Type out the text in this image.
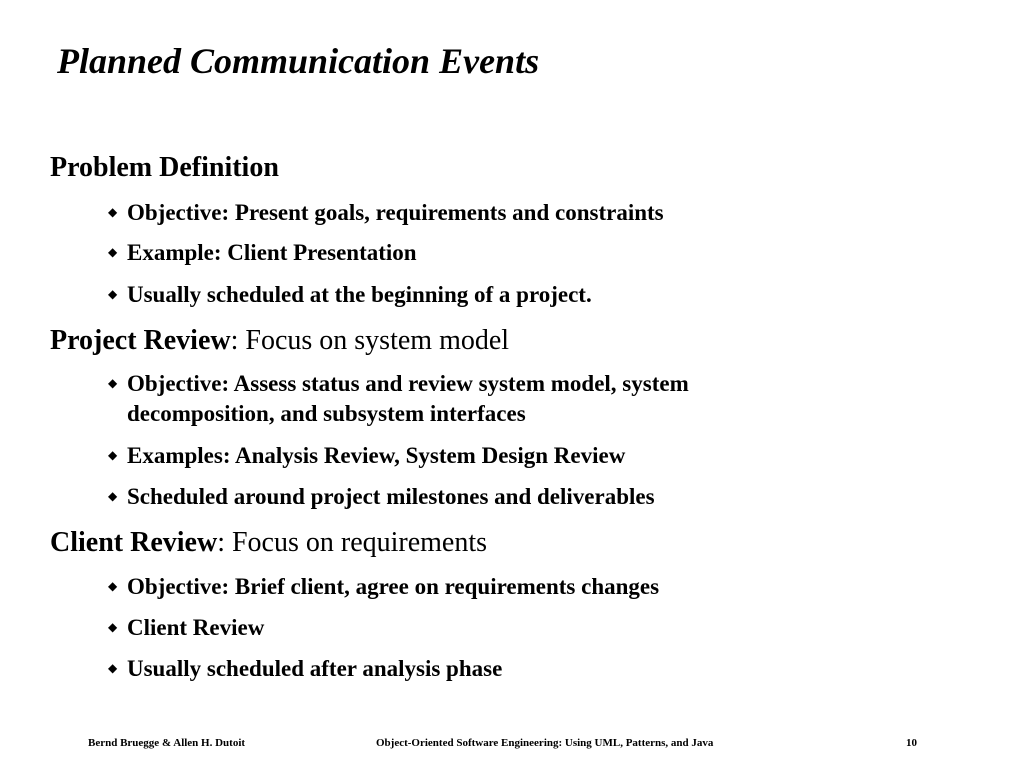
Planned Communication Events
Problem Definition
◆ Objective: Present goals, requirements and constraints
◆ Example: Client Presentation
◆ Usually scheduled at the beginning of a project.
Project Review: Focus on system model
◆ Objective: Assess status and review system model, system decomposition, and subsystem interfaces
◆ Examples: Analysis Review, System Design Review
◆ Scheduled around project milestones and deliverables
Client Review: Focus on requirements
◆ Objective: Brief client, agree on requirements changes
◆ Client Review
◆ Usually scheduled after analysis phase
Bernd Bruegge & Allen H. Dutoit	Object-Oriented Software Engineering: Using UML, Patterns, and Java	10
